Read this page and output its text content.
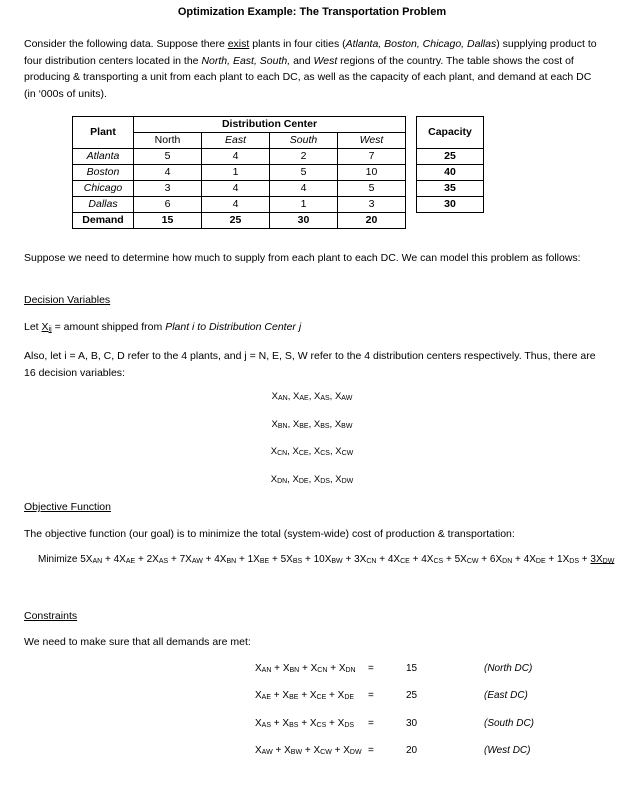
Optimization Example: The Transportation Problem
Consider the following data. Suppose there exist plants in four cities (Atlanta, Boston, Chicago, Dallas) supplying product to four distribution centers located in the North, East, South, and West regions of the country. The table shows the cost of producing & transporting a unit from each plant to each DC, as well as the capacity of each plant, and demand at each DC (in ‘000s of units).
Plant	Distribution Center					Capacity
	North	East	South	West		
Atlanta	5	4	2	7		25
Boston	4	1	5	10		40
Chicago	3	4	4	5		35
Dallas	6	4	1	3		30
Demand	15	25	30	20		
Suppose we need to determine how much to supply from each plant to each DC. We can model this problem as follows:
Decision Variables
Let $X_{ij}$ = amount shipped from Plant i to Distribution Center j
Also, let i = A, B, C, D refer to the 4 plants, and j = N, E, S, W refer to the 4 distribution centers respectively. Thus, there are 16 decision variables:
$X_{AN}$, $X_{AE}$, $X_{AS}$, $X_{AW}$
$X_{BN}$, $X_{BE}$, $X_{BS}$, $X_{BW}$
$X_{CN}$, $X_{CE}$, $X_{CS}$, $X_{CW}$
$X_{DN}$, $X_{DE}$, $X_{DS}$, $X_{DW}$
Objective Function
The objective function (our goal) is to minimize the total (system-wide) cost of production & transportation:
Minimize $5X_{AN} + 4X_{AE} + 2X_{AS} + 7X_{AW} + 4X_{BN} + 1X_{BE} + 5X_{BS} + 10X_{BW} + 3X_{CN} + 4X_{CE} + 4X_{CS} + 5X_{CW} + 6X_{DN} + 4X_{DE} + 1X_{DS} + 3X_{DW}$
Constraints
We need to make sure that all demands are met:
$X_{AN} + X_{BN} + X_{CN} + X_{DN}$ =	15	(North DC)
$X_{AE} + X_{BE} + X_{CE} + X_{DE}$ =	25	(East DC)
$X_{AS} + X_{BS} + X_{CS} + X_{DS}$ =	30	(South DC)
$X_{AW} + X_{BW} + X_{CW} + X_{DW}$ =	20	(West DC)
